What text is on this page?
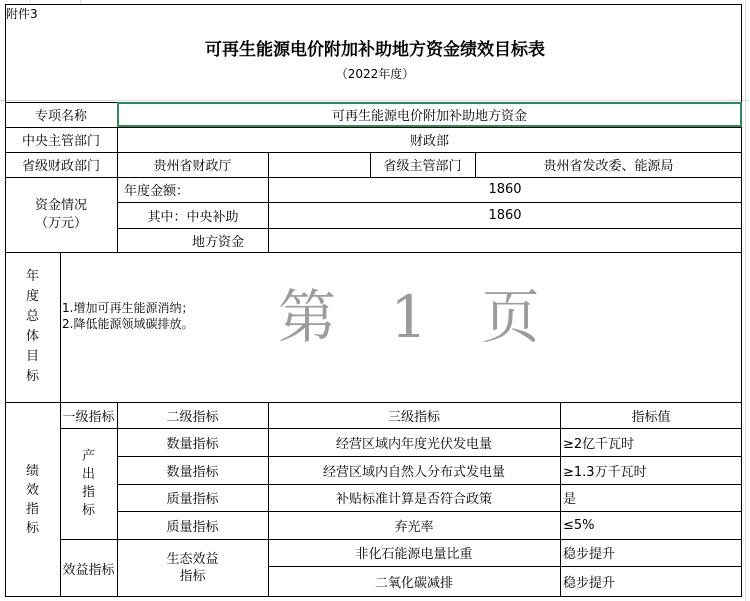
附件3
可再生能源电价附加补助地方资金绩效目标表
（2022年度）
专项名称	可再生能源电价附加补助地方资金
中央主管部门	财政部
省级财政部门	贵州省财政厅	省级主管部门	贵州省发改委、能源局
资金情况
（万元）
年度金额：	1860
其中：中央补助	1860
地方资金
年
度
总
体
目
标
第 1 页
1.增加可再生能源消纳；
2.降低能源领域碳排放。
绩
效
指
标
一级指标	二级指标	三级指标	指标值
产
出
指
标
数量指标	经营区域内年度光伏发电量	≥2亿千瓦时
数量指标	经营区域内自然人分布式发电量	≥1.3万千瓦时
质量指标	补贴标准计算是否符合政策	是
质量指标	弃光率	≤5%
效益指标
生态效益
指标
非化石能源电量比重	稳步提升
二氧化碳减排	稳步提升
